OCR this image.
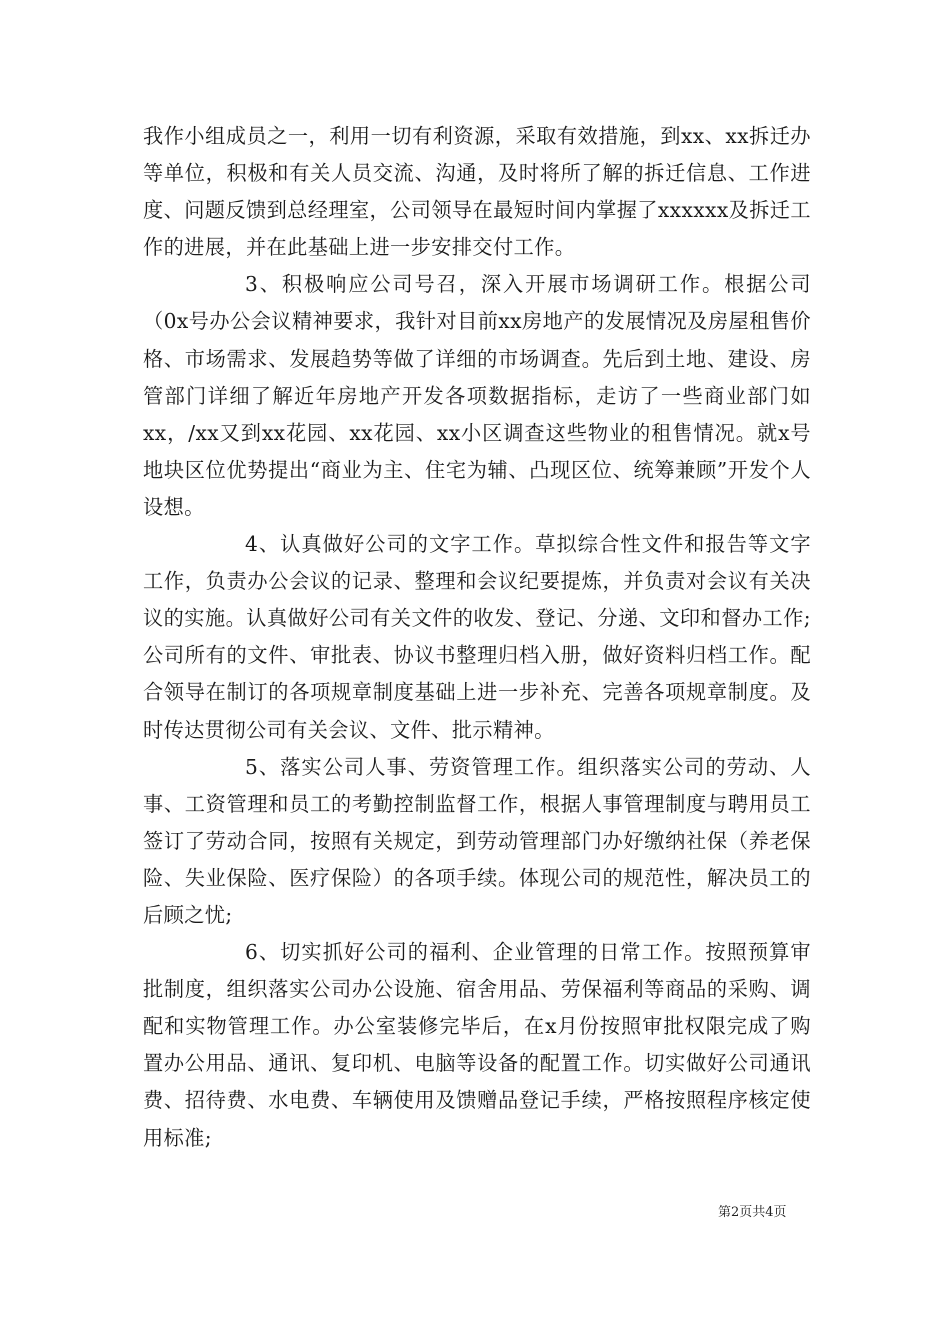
我作小组成员之一，利用一切有利资源，采取有效措施，到xx、xx拆迁办等单位，积极和有关人员交流、沟通，及时将所了解的拆迁信息、工作进度、问题反馈到总经理室，公司领导在最短时间内掌握了xxxxxx及拆迁工作的进展，并在此基础上进一步安排交付工作。

3、积极响应公司号召，深入开展市场调研工作。根据公司（0x号办公会议精神要求，我针对目前xx房地产的发展情况及房屋租售价格、市场需求、发展趋势等做了详细的市场调查。先后到土地、建设、房管部门详细了解近年房地产开发各项数据指标，走访了一些商业部门如xx，/xx又到xx花园、xx花园、xx小区调查这些物业的租售情况。就x号地块区位优势提出“商业为主、住宅为辅、凸现区位、统筹兼顾”开发个人设想。

4、认真做好公司的文字工作。草拟综合性文件和报告等文字工作，负责办公会议的记录、整理和会议纪要提炼，并负责对会议有关决议的实施。认真做好公司有关文件的收发、登记、分递、文印和督办工作;公司所有的文件、审批表、协议书整理归档入册，做好资料归档工作。配合领导在制订的各项规章制度基础上进一步补充、完善各项规章制度。及时传达贯彻公司有关会议、文件、批示精神。

5、落实公司人事、劳资管理工作。组织落实公司的劳动、人事、工资管理和员工的考勤控制监督工作，根据人事管理制度与聘用员工签订了劳动合同，按照有关规定，到劳动管理部门办好缴纳社保（养老保险、失业保险、医疗保险）的各项手续。体现公司的规范性，解决员工的后顾之忧;

6、切实抓好公司的福利、企业管理的日常工作。按照预算审批制度，组织落实公司办公设施、宿舍用品、劳保福利等商品的采购、调配和实物管理工作。办公室装修完毕后，在x月份按照审批权限完成了购置办公用品、通讯、复印机、电脑等设备的配置工作。切实做好公司通讯费、招待费、水电费、车辆使用及馈赠品登记手续，严格按照程序核定使用标准;

第2页共4页
